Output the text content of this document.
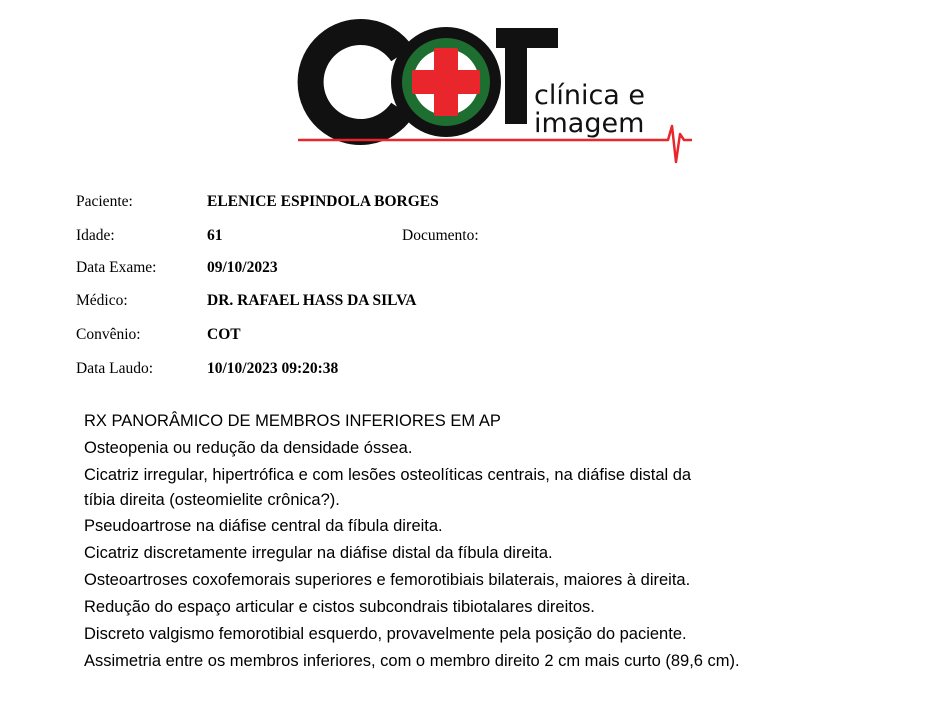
clínica e
imagem
Paciente:	ELENICE ESPINDOLA BORGES
Idade:	61	Documento:
Data Exame:	09/10/2023
Médico:	DR. RAFAEL HASS DA SILVA
Convênio:	COT
Data Laudo:	10/10/2023 09:20:38
RX PANORÂMICO DE MEMBROS INFERIORES EM AP
Osteopenia ou redução da densidade óssea.
Cicatriz irregular, hipertrófica e com lesões osteolíticas centrais, na diáfise distal da
tíbia direita (osteomielite crônica?).
Pseudoartrose na diáfise central da fíbula direita.
Cicatriz discretamente irregular na diáfise distal da fíbula direita.
Osteoartroses coxofemorais superiores e femorotibiais bilaterais, maiores à direita.
Redução do espaço articular e cistos subcondrais tibiotalares direitos.
Discreto valgismo femorotibial esquerdo, provavelmente pela posição do paciente.
Assimetria entre os membros inferiores, com o membro direito 2 cm mais curto (89,6 cm).
